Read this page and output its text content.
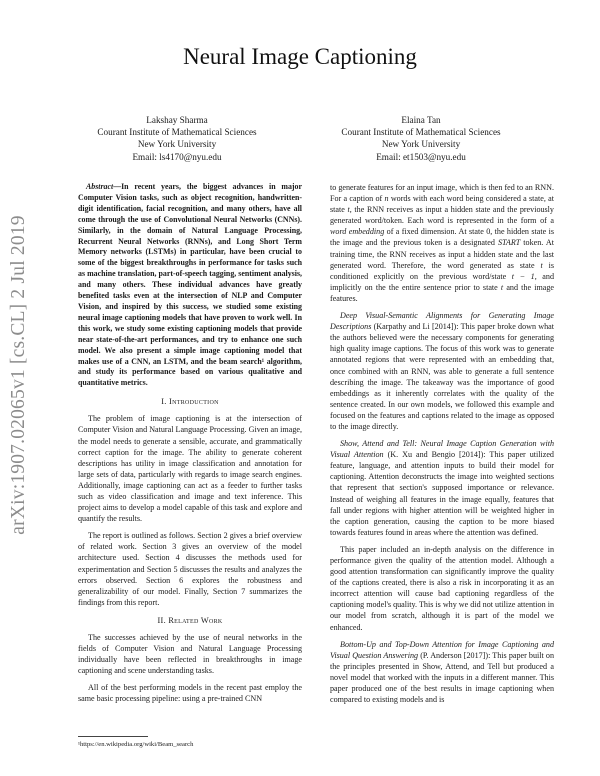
arXiv:1907.02065v1 [cs.CL] 2 Jul 2019
Neural Image Captioning
Lakshay Sharma
Courant Institute of Mathematical Sciences
New York University
Email: ls4170@nyu.edu
Elaina Tan
Courant Institute of Mathematical Sciences
New York University
Email: et1503@nyu.edu

Abstract—In recent years, the biggest advances in major Computer Vision tasks, such as object recognition, handwritten-digit identification, facial recognition, and many others, have all come through the use of Convolutional Neural Networks (CNNs). Similarly, in the domain of Natural Language Processing, Recurrent Neural Networks (RNNs), and Long Short Term Memory networks (LSTMs) in particular, have been crucial to some of the biggest breakthroughs in performance for tasks such as machine translation, part-of-speech tagging, sentiment analysis, and many others. These individual advances have greatly benefited tasks even at the intersection of NLP and Computer Vision, and inspired by this success, we studied some existing neural image captioning models that have proven to work well. In this work, we study some existing captioning models that provide near state-of-the-art performances, and try to enhance one such model. We also present a simple image captioning model that makes use of a CNN, an LSTM, and the beam search¹ algorithm, and study its performance based on various qualitative and quantitative metrics.

I. Introduction

The problem of image captioning is at the intersection of Computer Vision and Natural Language Processing. Given an image, the model needs to generate a sensible, accurate, and grammatically correct caption for the image. The ability to generate coherent descriptions has utility in image classification and annotation for large sets of data, particularly with regards to image search engines. Additionally, image captioning can act as a feeder to further tasks such as video classification and image and text inference. This project aims to develop a model capable of this task and explore and quantify the results.

The report is outlined as follows. Section 2 gives a brief overview of related work. Section 3 gives an overview of the model architecture used. Section 4 discusses the methods used for experimentation and Section 5 discusses the results and analyzes the errors observed. Section 6 explores the robustness and generalizability of our model. Finally, Section 7 summarizes the findings from this report.

II. Related Work

The successes achieved by the use of neural networks in the fields of Computer Vision and Natural Language Processing individually have been reflected in breakthroughs in image captioning and scene understanding tasks.

All of the best performing models in the recent past employ the same basic processing pipeline: using a pre-trained CNN

to generate features for an input image, which is then fed to an RNN. For a caption of n words with each word being considered a state, at state t, the RNN receives as input a hidden state and the previously generated word/token. Each word is represented in the form of a word embedding of a fixed dimension. At state 0, the hidden state is the image and the previous token is a designated START token. At training time, the RNN receives as input a hidden state and the last generated word. Therefore, the word generated as state t is conditioned explicitly on the previous word/state t − 1, and implicitly on the the entire sentence prior to state t and the image features.

Deep Visual-Semantic Alignments for Generating Image Descriptions (Karpathy and Li [2014]): This paper broke down what the authors believed were the necessary components for generating high quality image captions. The focus of this work was to generate annotated regions that were represented with an embedding that, once combined with an RNN, was able to generate a full sentence describing the image. The takeaway was the importance of good embeddings as it inherently correlates with the quality of the sentence created. In our own models, we followed this example and focused on the features and captions related to the image as opposed to the image directly.

Show, Attend and Tell: Neural Image Caption Generation with Visual Attention (K. Xu and Bengio [2014]): This paper utilized feature, language, and attention inputs to build their model for captioning. Attention deconstructs the image into weighted sections that represent that section's supposed importance or relevance. Instead of weighing all features in the image equally, features that fall under regions with higher attention will be weighted higher in the caption generation, causing the caption to be more biased towards features found in areas where the attention was defined.

This paper included an in-depth analysis on the difference in performance given the quality of the attention model. Although a good attention transformation can significantly improve the quality of the captions created, there is also a risk in incorporating it as an incorrect attention will cause bad captioning regardless of the captioning model's quality. This is why we did not utilize attention in our model from scratch, although it is part of the model we enhanced.

Bottom-Up and Top-Down Attention for Image Captioning and Visual Question Answering (P. Anderson [2017]): This paper built on the principles presented in Show, Attend, and Tell but produced a novel model that worked with the inputs in a different manner. This paper produced one of the best results in image captioning when compared to existing models and is

¹https://en.wikipedia.org/wiki/Beam_search
